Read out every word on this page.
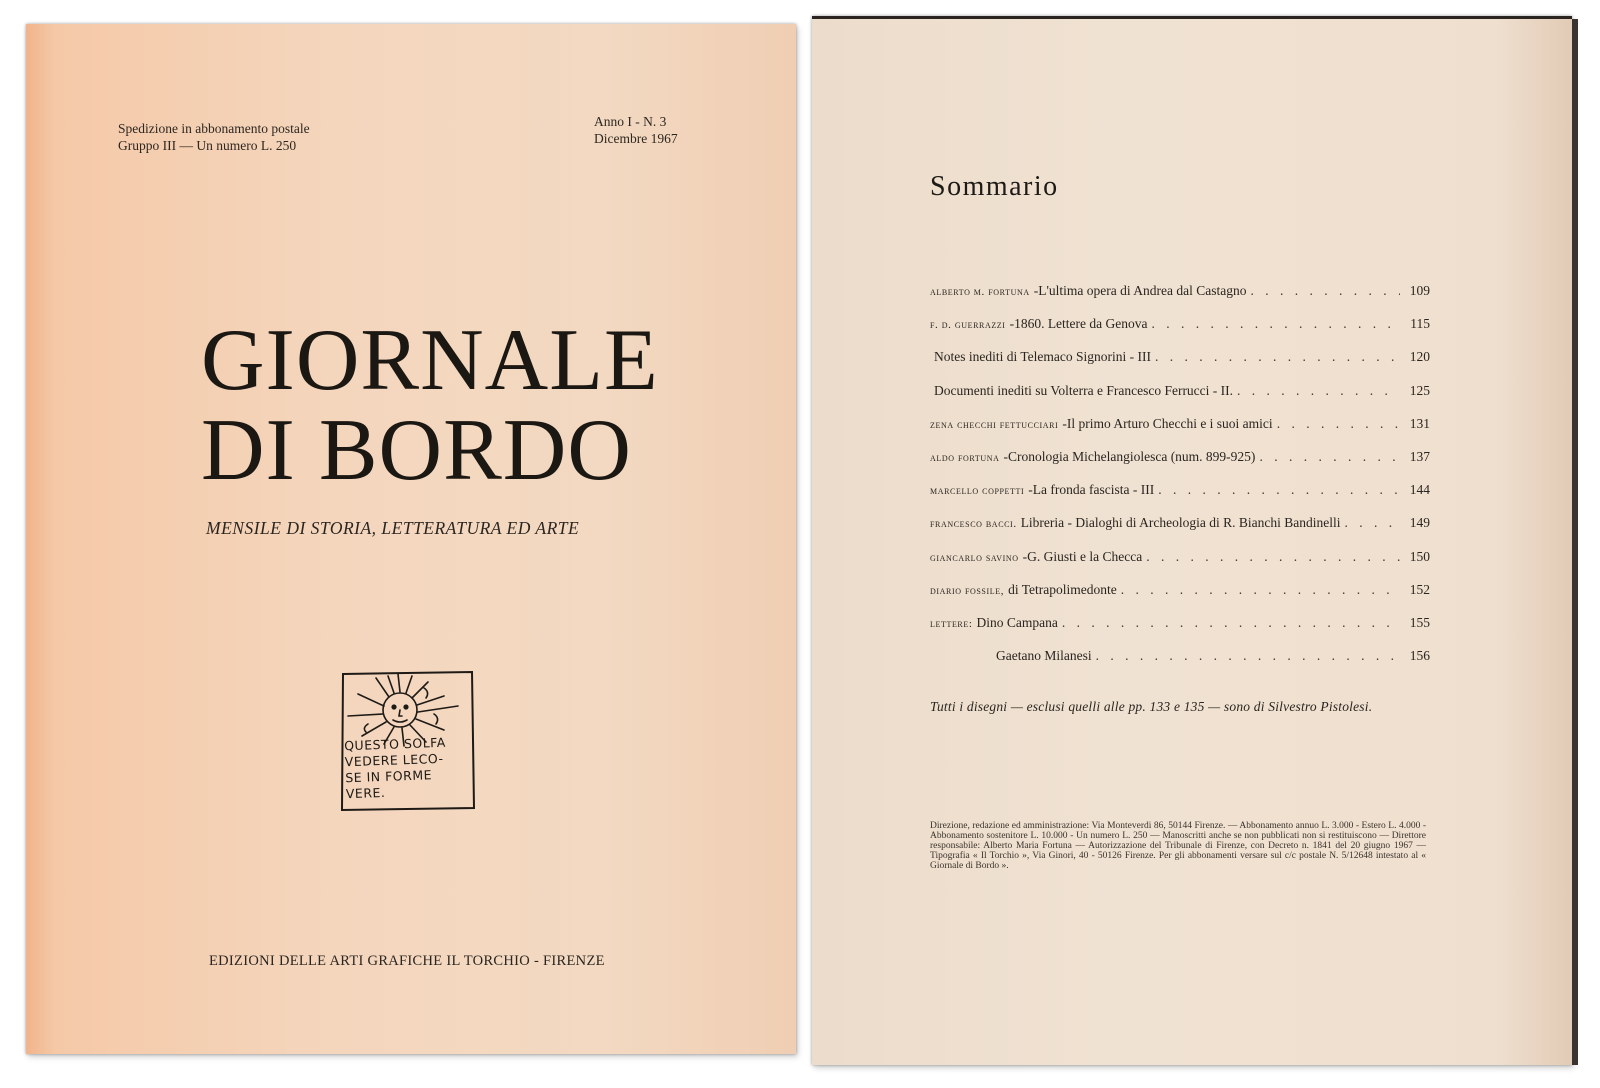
Spedizione in abbonamento postale
Gruppo III — Un numero L. 250
Anno I - N. 3
Dicembre 1967
GIORNALE
DI BORDO
MENSILE DI STORIA, LETTERATURA ED ARTE
QUESTO SOLFA
VEDERE LECO-
SE IN FORME VERE.
EDIZIONI DELLE ARTI GRAFICHE IL TORCHIO - FIRENZE
Sommario
alberto m. fortuna - L'ultima opera di Andrea dal Castagno . . .	109
f. d. guerrazzi - 1860. Lettere da Genova . . .	115
Notes inediti di Telemaco Signorini - III . . .	120
Documenti inediti su Volterra e Francesco Ferrucci - II. . . .	125
zena checchi fettucciari - Il primo Arturo Checchi e i suoi amici . . .	131
aldo fortuna - Cronologia Michelangiolesca (num. 899-925) . . .	137
marcello coppetti - La fronda fascista - III . . .	144
francesco bacci. Libreria - Dialoghi di Archeologia di R. Bianchi Bandinelli . . .	149
giancarlo savino - G. Giusti e la Checca . . .	150
diario fossile, di Tetrapolimedonte . . .	152
lettere: Dino Campana . . .	155
Gaetano Milanesi . . .	156
Tutti i disegni — esclusi quelli alle pp. 133 e 135 — sono di Silvestro Pistolesi.
Direzione, redazione ed amministrazione: Via Monteverdi 86, 50144 Firenze. — Abbonamento annuo L. 3.000 - Estero L. 4.000 - Abbonamento sostenitore L. 10.000 - Un numero L. 250 — Manoscritti anche se non pubblicati non si restituiscono — Direttore responsabile: Alberto Maria Fortuna — Autorizzazione del Tribunale di Firenze, con Decreto n. 1841 del 20 giugno 1967 — Tipografia « Il Torchio », Via Ginori, 40 - 50126 Firenze. Per gli abbonamenti versare sul c/c postale N. 5/12648 intestato al « Giornale di Bordo ».
